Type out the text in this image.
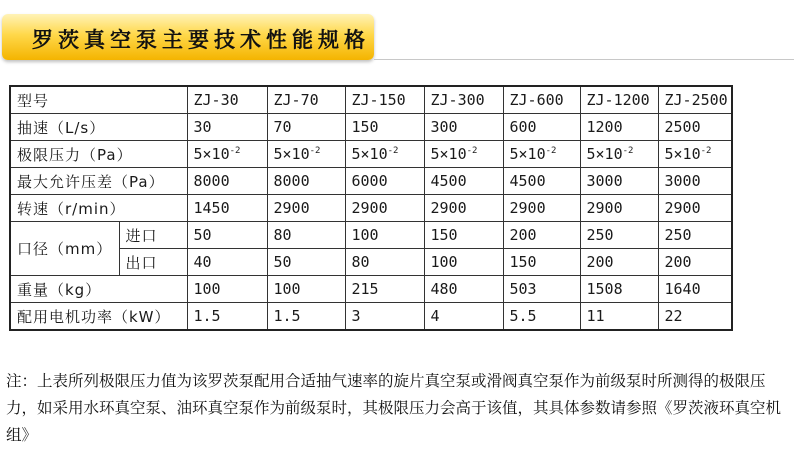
罗茨真空泵主要技术性能规格
型号		ZJ-30	ZJ-70	ZJ-150	ZJ-300	ZJ-600	ZJ-1200	ZJ-2500
抽速（L/s）		30	70	150	300	600	1200	2500
极限压力（Pa）		$5\times 10^{-2}$	$5\times 10^{-2}$	$5\times 10^{-2}$	$5\times 10^{-2}$	$5\times 10^{-2}$	$5\times 10^{-2}$	$5\times 10^{-2}$
最大允许压差（Pa）		8000	8000	6000	4500	4500	3000	3000
转速（r/min）		1450	2900	2900	2900	2900	2900	2900
口径（mm）	进口	50	80	100	150	200	250	250
	出口	40	50	80	100	150	200	200
重量（kg）		100	100	215	480	503	1508	1640
配用电机功率（kW）		1.5	1.5	3	4	5.5	11	22
注：上表所列极限压力值为该罗茨泵配用合适抽气速率的旋片真空泵或滑阀真空泵作为前级泵时所测得的极限压力，如采用水环真空泵、油环真空泵作为前级泵时，其极限压力会高于该值，其具体参数请参照《罗茨液环真空机组》
